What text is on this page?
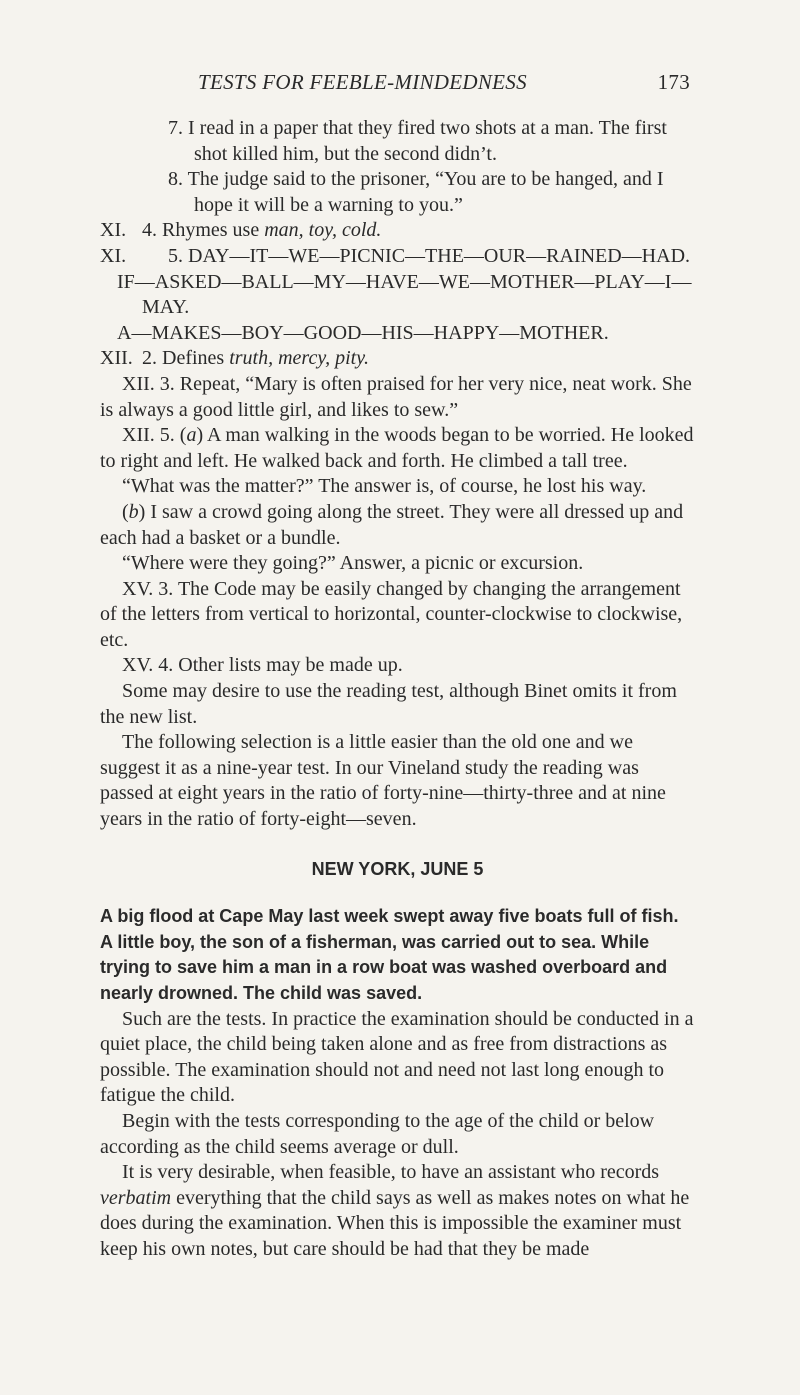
TESTS FOR FEEBLE-MINDEDNESS	173

7. I read in a paper that they fired two shots at a man. The first shot killed him, but the second didn’t.

8. The judge said to the prisoner, “You are to be hanged, and I hope it will be a warning to you.”

XI. 4. Rhymes use man, toy, cold.

XI.	5. DAY—IT—WE—PICNIC—THE—OUR—RAINED—HAD.

IF—ASKED—BALL—MY—HAVE—WE—MOTHER—PLAY—I—MAY.

A—MAKES—BOY—GOOD—HIS—HAPPY—MOTHER.

XII. 2. Defines truth, mercy, pity.

XII. 3. Repeat, “Mary is often praised for her very nice, neat work. She is always a good little girl, and likes to sew.”

XII. 5. (a) A man walking in the woods began to be worried. He looked to right and left. He walked back and forth. He climbed a tall tree.

“What was the matter?” The answer is, of course, he lost his way.

(b) I saw a crowd going along the street. They were all dressed up and each had a basket or a bundle.

“Where were they going?” Answer, a picnic or excursion.

XV. 3. The Code may be easily changed by changing the arrangement of the letters from vertical to horizontal, counter-clockwise to clockwise, etc.

XV. 4. Other lists may be made up.

Some may desire to use the reading test, although Binet omits it from the new list.

The following selection is a little easier than the old one and we suggest it as a nine-year test. In our Vineland study the reading was passed at eight years in the ratio of forty-nine—thirty-three and at nine years in the ratio of forty-eight—seven.

NEW YORK, JUNE 5

A big flood at Cape May last week swept away five boats full of fish. A little boy, the son of a fisherman, was carried out to sea. While trying to save him a man in a row boat was washed overboard and nearly drowned. The child was saved.

Such are the tests. In practice the examination should be conducted in a quiet place, the child being taken alone and as free from distractions as possible. The examination should not and need not last long enough to fatigue the child.

Begin with the tests corresponding to the age of the child or below according as the child seems average or dull.

It is very desirable, when feasible, to have an assistant who records verbatim everything that the child says as well as makes notes on what he does during the examination. When this is impossible the examiner must keep his own notes, but care should be had that they be made
